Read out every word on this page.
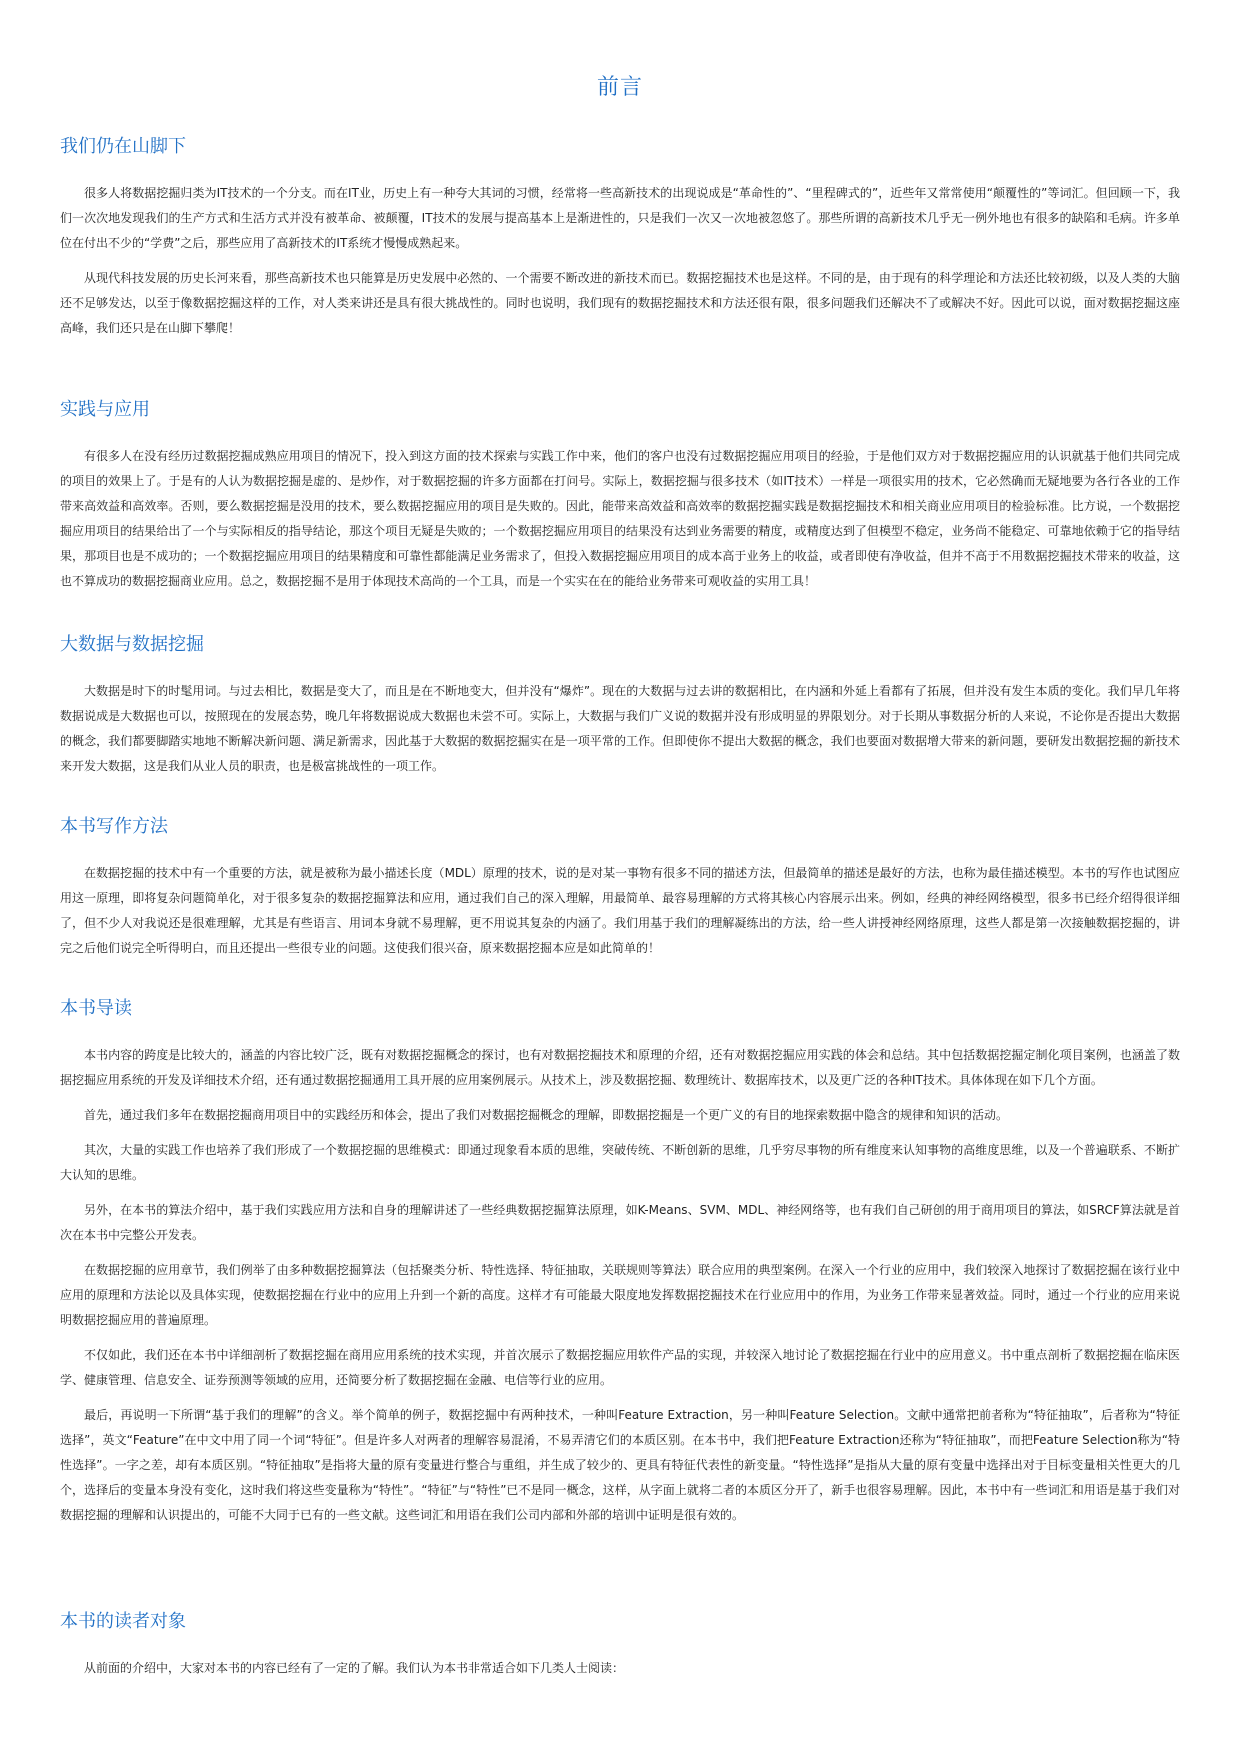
前言
我们仍在山脚下

很多人将数据挖掘归类为IT技术的一个分支。而在IT业，历史上有一种夸大其词的习惯，经常将一些高新技术的出现说成是“革命性的”、“里程碑式的”，近些年又常常使用“颠覆性的”等词汇。但回顾一下，我们一次次地发现我们的生产方式和生活方式并没有被革命、被颠覆，IT技术的发展与提高基本上是渐进性的，只是我们一次又一次地被忽悠了。那些所谓的高新技术几乎无一例外地也有很多的缺陷和毛病。许多单位在付出不少的“学费”之后，那些应用了高新技术的IT系统才慢慢成熟起来。

从现代科技发展的历史长河来看，那些高新技术也只能算是历史发展中必然的、一个需要不断改进的新技术而已。数据挖掘技术也是这样。不同的是，由于现有的科学理论和方法还比较初级，以及人类的大脑还不足够发达，以至于像数据挖掘这样的工作，对人类来讲还是具有很大挑战性的。同时也说明，我们现有的数据挖掘技术和方法还很有限，很多问题我们还解决不了或解决不好。因此可以说，面对数据挖掘这座高峰，我们还只是在山脚下攀爬！

实践与应用

有很多人在没有经历过数据挖掘成熟应用项目的情况下，投入到这方面的技术探索与实践工作中来，他们的客户也没有过数据挖掘应用项目的经验，于是他们双方对于数据挖掘应用的认识就基于他们共同完成的项目的效果上了。于是有的人认为数据挖掘是虚的、是炒作，对于数据挖掘的许多方面都在打问号。实际上，数据挖掘与很多技术（如IT技术）一样是一项很实用的技术，它必然确而无疑地要为各行各业的工作带来高效益和高效率。否则，要么数据挖掘是没用的技术，要么数据挖掘应用的项目是失败的。因此，能带来高效益和高效率的数据挖掘实践是数据挖掘技术和相关商业应用项目的检验标准。比方说，一个数据挖掘应用项目的结果给出了一个与实际相反的指导结论，那这个项目无疑是失败的；一个数据挖掘应用项目的结果没有达到业务需要的精度，或精度达到了但模型不稳定，业务尚不能稳定、可靠地依赖于它的指导结果，那项目也是不成功的；一个数据挖掘应用项目的结果精度和可靠性都能满足业务需求了，但投入数据挖掘应用项目的成本高于业务上的收益，或者即使有净收益，但并不高于不用数据挖掘技术带来的收益，这也不算成功的数据挖掘商业应用。总之，数据挖掘不是用于体现技术高尚的一个工具，而是一个实实在在的能给业务带来可观收益的实用工具！

大数据与数据挖掘

大数据是时下的时髦用词。与过去相比，数据是变大了，而且是在不断地变大，但并没有“爆炸”。现在的大数据与过去讲的数据相比，在内涵和外延上看都有了拓展，但并没有发生本质的变化。我们早几年将数据说成是大数据也可以，按照现在的发展态势，晚几年将数据说成大数据也未尝不可。实际上，大数据与我们广义说的数据并没有形成明显的界限划分。对于长期从事数据分析的人来说，不论你是否提出大数据的概念，我们都要脚踏实地地不断解决新问题、满足新需求，因此基于大数据的数据挖掘实在是一项平常的工作。但即使你不提出大数据的概念，我们也要面对数据增大带来的新问题，要研发出数据挖掘的新技术来开发大数据，这是我们从业人员的职责，也是极富挑战性的一项工作。

本书写作方法

在数据挖掘的技术中有一个重要的方法，就是被称为最小描述长度（MDL）原理的技术，说的是对某一事物有很多不同的描述方法，但最简单的描述是最好的方法，也称为最佳描述模型。本书的写作也试图应用这一原理，即将复杂问题简单化，对于很多复杂的数据挖掘算法和应用，通过我们自己的深入理解，用最简单、最容易理解的方式将其核心内容展示出来。例如，经典的神经网络模型，很多书已经介绍得很详细了，但不少人对我说还是很难理解，尤其是有些语言、用词本身就不易理解，更不用说其复杂的内涵了。我们用基于我们的理解凝练出的方法，给一些人讲授神经网络原理，这些人都是第一次接触数据挖掘的，讲完之后他们说完全听得明白，而且还提出一些很专业的问题。这使我们很兴奋，原来数据挖掘本应是如此简单的！

本书导读

本书内容的跨度是比较大的，涵盖的内容比较广泛，既有对数据挖掘概念的探讨，也有对数据挖掘技术和原理的介绍，还有对数据挖掘应用实践的体会和总结。其中包括数据挖掘定制化项目案例，也涵盖了数据挖掘应用系统的开发及详细技术介绍，还有通过数据挖掘通用工具开展的应用案例展示。从技术上，涉及数据挖掘、数理统计、数据库技术，以及更广泛的各种IT技术。具体体现在如下几个方面。

首先，通过我们多年在数据挖掘商用项目中的实践经历和体会，提出了我们对数据挖掘概念的理解，即数据挖掘是一个更广义的有目的地探索数据中隐含的规律和知识的活动。

其次，大量的实践工作也培养了我们形成了一个数据挖掘的思维模式：即通过现象看本质的思维，突破传统、不断创新的思维，几乎穷尽事物的所有维度来认知事物的高维度思维，以及一个普遍联系、不断扩大认知的思维。

另外，在本书的算法介绍中，基于我们实践应用方法和自身的理解讲述了一些经典数据挖掘算法原理，如K-Means、SVM、MDL、神经网络等，也有我们自己研创的用于商用项目的算法，如SRCF算法就是首次在本书中完整公开发表。

在数据挖掘的应用章节，我们例举了由多种数据挖掘算法（包括聚类分析、特性选择、特征抽取，关联规则等算法）联合应用的典型案例。在深入一个行业的应用中，我们较深入地探讨了数据挖掘在该行业中应用的原理和方法论以及具体实现，使数据挖掘在行业中的应用上升到一个新的高度。这样才有可能最大限度地发挥数据挖掘技术在行业应用中的作用，为业务工作带来显著效益。同时，通过一个行业的应用来说明数据挖掘应用的普遍原理。

不仅如此，我们还在本书中详细剖析了数据挖掘在商用应用系统的技术实现，并首次展示了数据挖掘应用软件产品的实现，并较深入地讨论了数据挖掘在行业中的应用意义。书中重点剖析了数据挖掘在临床医学、健康管理、信息安全、证券预测等领域的应用，还简要分析了数据挖掘在金融、电信等行业的应用。

最后，再说明一下所谓“基于我们的理解”的含义。举个简单的例子，数据挖掘中有两种技术，一种叫Feature Extraction，另一种叫Feature Selection。文献中通常把前者称为“特征抽取”，后者称为“特征选择”，英文“Feature”在中文中用了同一个词“特征”。但是许多人对两者的理解容易混淆，不易弄清它们的本质区别。在本书中，我们把Feature Extraction还称为“特征抽取”，而把Feature Selection称为“特性选择”。一字之差，却有本质区别。“特征抽取”是指将大量的原有变量进行整合与重组，并生成了较少的、更具有特征代表性的新变量。“特性选择”是指从大量的原有变量中选择出对于目标变量相关性更大的几个，选择后的变量本身没有变化，这时我们将这些变量称为“特性”。“特征”与“特性”已不是同一概念，这样，从字面上就将二者的本质区分开了，新手也很容易理解。因此，本书中有一些词汇和用语是基于我们对数据挖掘的理解和认识提出的，可能不大同于已有的一些文献。这些词汇和用语在我们公司内部和外部的培训中证明是很有效的。

本书的读者对象

从前面的介绍中，大家对本书的内容已经有了一定的了解。我们认为本书非常适合如下几类人士阅读：
